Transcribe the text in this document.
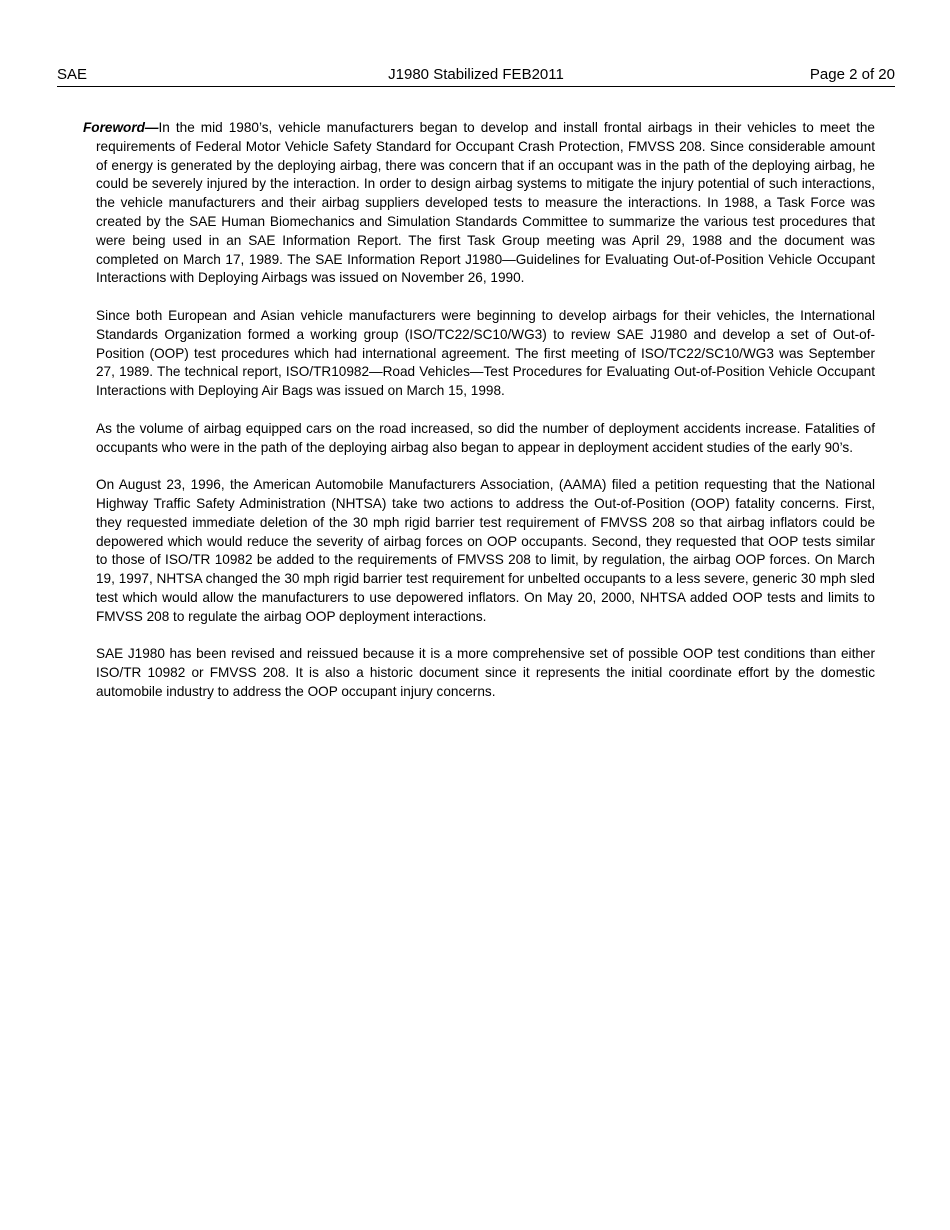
SAE	J1980 Stabilized FEB2011	Page 2 of 20

Foreword—In the mid 1980’s, vehicle manufacturers began to develop and install frontal airbags in their vehicles to meet the requirements of Federal Motor Vehicle Safety Standard for Occupant Crash Protection, FMVSS 208. Since considerable amount of energy is generated by the deploying airbag, there was concern that if an occupant was in the path of the deploying airbag, he could be severely injured by the interaction. In order to design airbag systems to mitigate the injury potential of such interactions, the vehicle manufacturers and their airbag suppliers developed tests to measure the interactions. In 1988, a Task Force was created by the SAE Human Biomechanics and Simulation Standards Committee to summarize the various test procedures that were being used in an SAE Information Report. The first Task Group meeting was April 29, 1988 and the document was completed on March 17, 1989. The SAE Information Report J1980—Guidelines for Evaluating Out-of-Position Vehicle Occupant Interactions with Deploying Airbags was issued on November 26, 1990.

Since both European and Asian vehicle manufacturers were beginning to develop airbags for their vehicles, the International Standards Organization formed a working group (ISO/TC22/SC10/WG3) to review SAE J1980 and develop a set of Out-of-Position (OOP) test procedures which had international agreement. The first meeting of ISO/TC22/SC10/WG3 was September 27, 1989. The technical report, ISO/TR10982—Road Vehicles—Test Procedures for Evaluating Out-of-Position Vehicle Occupant Interactions with Deploying Air Bags was issued on March 15, 1998.

As the volume of airbag equipped cars on the road increased, so did the number of deployment accidents increase. Fatalities of occupants who were in the path of the deploying airbag also began to appear in deployment accident studies of the early 90’s.

On August 23, 1996, the American Automobile Manufacturers Association, (AAMA) filed a petition requesting that the National Highway Traffic Safety Administration (NHTSA) take two actions to address the Out-of-Position (OOP) fatality concerns. First, they requested immediate deletion of the 30 mph rigid barrier test requirement of FMVSS 208 so that airbag inflators could be depowered which would reduce the severity of airbag forces on OOP occupants. Second, they requested that OOP tests similar to those of ISO/TR 10982 be added to the requirements of FMVSS 208 to limit, by regulation, the airbag OOP forces. On March 19, 1997, NHTSA changed the 30 mph rigid barrier test requirement for unbelted occupants to a less severe, generic 30 mph sled test which would allow the manufacturers to use depowered inflators. On May 20, 2000, NHTSA added OOP tests and limits to FMVSS 208 to regulate the airbag OOP deployment interactions.

SAE J1980 has been revised and reissued because it is a more comprehensive set of possible OOP test conditions than either ISO/TR 10982 or FMVSS 208. It is also a historic document since it represents the initial coordinate effort by the domestic automobile industry to address the OOP occupant injury concerns.
